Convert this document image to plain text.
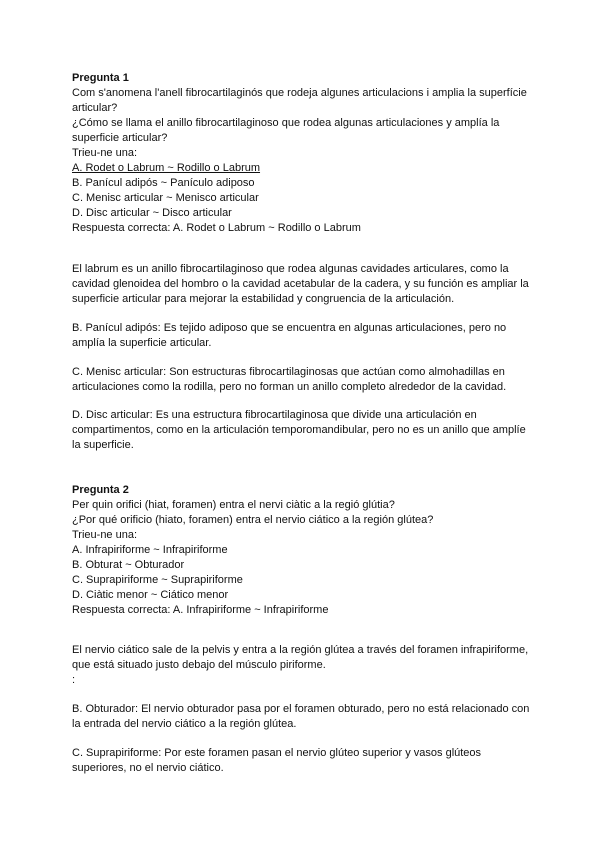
Pregunta 1
Com s'anomena l'anell fibrocartilaginós que rodeja algunes articulacions i amplia la superfície articular?
¿Cómo se llama el anillo fibrocartilaginoso que rodea algunas articulaciones y amplía la superficie articular?
Trieu-ne una:
A. Rodet o Labrum ~ Rodillo o Labrum
B. Panícul adipós ~ Panículo adiposo
C. Menisc articular ~ Menisco articular
D. Disc articular ~ Disco articular
Respuesta correcta: A. Rodet o Labrum ~ Rodillo o Labrum

El labrum es un anillo fibrocartilaginoso que rodea algunas cavidades articulares, como la cavidad glenoidea del hombro o la cavidad acetabular de la cadera, y su función es ampliar la superficie articular para mejorar la estabilidad y congruencia de la articulación.

B. Panícul adipós: Es tejido adiposo que se encuentra en algunas articulaciones, pero no amplía la superficie articular.

C. Menisc articular: Son estructuras fibrocartilaginosas que actúan como almohadillas en articulaciones como la rodilla, pero no forman un anillo completo alrededor de la cavidad.

D. Disc articular: Es una estructura fibrocartilaginosa que divide una articulación en compartimentos, como en la articulación temporomandibular, pero no es un anillo que amplíe la superficie.

Pregunta 2
Per quin orifici (hiat, foramen) entra el nervi ciàtic a la regió glútia?
¿Por qué orificio (hiato, foramen) entra el nervio ciático a la región glútea?
Trieu-ne una:
A. Infrapiriforme ~ Infrapiriforme
B. Obturat ~ Obturador
C. Suprapiriforme ~ Suprapiriforme
D. Ciàtic menor ~ Ciático menor
Respuesta correcta: A. Infrapiriforme ~ Infrapiriforme

El nervio ciático sale de la pelvis y entra a la región glútea a través del foramen infrapiriforme, que está situado justo debajo del músculo piriforme.

:

B. Obturador: El nervio obturador pasa por el foramen obturado, pero no está relacionado con la entrada del nervio ciático a la región glútea.

C. Suprapiriforme: Por este foramen pasan el nervio glúteo superior y vasos glúteos superiores, no el nervio ciático.
